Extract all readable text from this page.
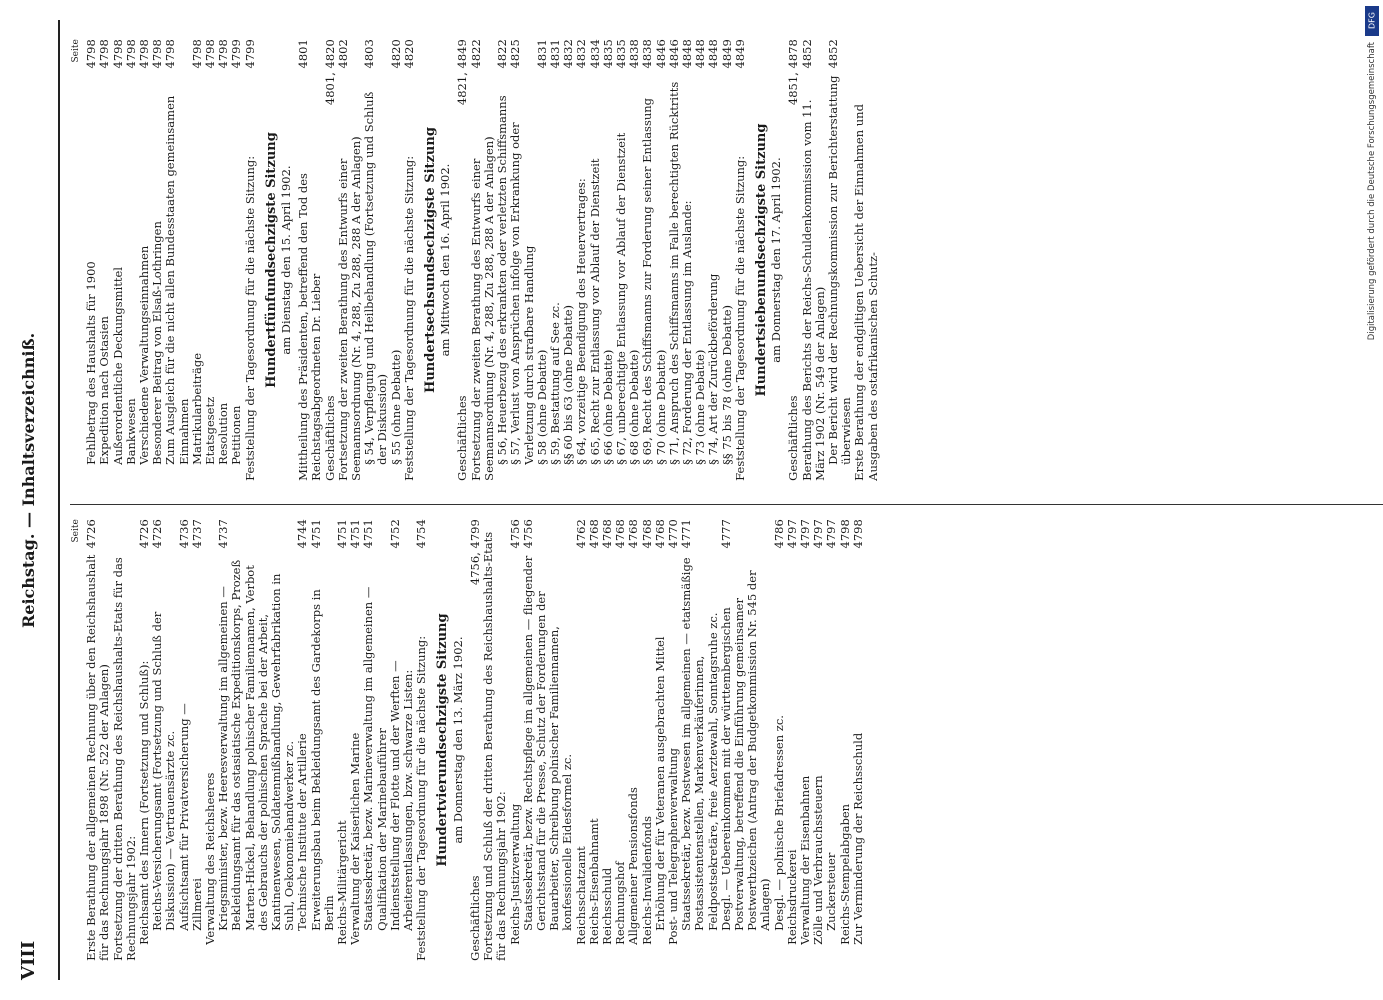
VIII
Reichstag. — Inhaltsverzeichniß.	Seite
Erste Berathung der allgemeinen Rechnung über den Reichshaushalt für das Rechnungsjahr 1898 (Nr. 522 der Anlagen)
4726
Fortsetzung der dritten Berathung des Reichshaushalts-Etats für das Rechnungsjahr 1902: Reichsamt des Innern (Fortsetzung und Schluß):
4726
Reichs-Versicherungsamt (Fortsetzung und Schluß der Diskussion) — Vertrauensärzte zc.
4726
Aufsichtsamt für Privatversicherung —
4736
Zillmerei
4737
Verwaltung des Reichsheeres Kriegsminister, bezw. Heeresverwaltung im allgemeinen — Bekleidungsamt für das ostasiatische Expeditionskorps, Prozeß Marten-Hickel, Behandlung polnischer Familiennamen, Verbot des Gebrauchs der polnischen Sprache bei der Arbeit, Kantinenwesen, Soldatenmißhandlung, Gewehrfabrikation in Suhl, Oekonomiehandwerker zc.
4737
Technische Institute der Artillerie
4744
Erweiterungsbau beim Bekleidungsamt des Gardekorps in Berlin
4751
Reichs-Militärgericht
4751
Verwaltung der Kaiserlichen Marine
4751
Staatssekretär, bezw. Marineverwaltung im allgemeinen — Qualifikation der Marinebauführer
4751
Indienststellung der Flotte und der Werften — Arbeiterentlassungen, bzw. schwarze Listen:
4752
Feststellung der Tagesordnung für die nächste Sitzung:
4754
Hundertvierundsechzigste Sitzung am Donnerstag den 13. März 1902.
Geschäftliches
4756, 4799 Fortsetzung und Schluß der dritten Berathung des Reichshaushalts-Etats für das Rechnungsjahr 1902: Reichs-Justizverwaltung
4756
Staatssekretär, bezw. Rechtspflege im allgemeinen — fliegender Gerichtsstand für die Presse, Schutz der Forderungen der Bauarbeiter, Schreibung polnischer Familiennamen, konfessionelle Eidesformel zc.
4756
Reichsschatzamt
4762
Reichs-Eisenbahnamt
4768
Reichsschuld
4768
Rechnungshof
4768
Allgemeiner Pensionsfonds
4768
Reichs-Invalidenfonds
4768
Erhöhung der für Veteranen ausgebrachten Mittel
4768
Post- und Telegraphenverwaltung
4770
Staatssekretär, bezw. Postwesen im allgemeinen — etatsmäßige Postassistentenstellen, Markenverkäuferinnen, Feldpostsekretäre, freie Aerztewahl, Sonntagsruhe zc.
4771
Desgl. — Uebereinkommen mit der württembergischen Postverwaltung, betreffend die Einführung gemeinsamer Postwerthzeichen (Antrag der Budgetkommission Nr. 545 der Anlagen)
4777
Desgl. — polnische Briefadressen zc.
4786
Reichsdruckerei
4797
Verwaltung der Eisenbahnen
4797
Zölle und Verbrauchssteuern
4797
Zuckersteuer
4797
Reichs-Stempelabgaben
4798
Zur Verminderung der Reichsschuld
4798
Seite
Fehlbetrag des Haushalts für 1900
4798
Expedition nach Ostasien
4798
Außerordentliche Deckungsmittel
4798
Bankwesen
4798
Verschiedene Verwaltungseinnahmen
4798
Besonderer Beitrag von Elsaß-Lothringen
4798
Zum Ausgleich für die nicht allen Bundesstaaten gemeinsamen Einnahmen
4798
Matrikularbeiträge
4798
Etatsgesetz
4798
Resolution
4798
Petitionen
4799
Feststellung der Tagesordnung für die nächste Sitzung:
4799
Hundertfünfundsechzigste Sitzung am Dienstag den 15. April 1902. Mittheilung des Präsidenten, betreffend den Tod des Reichstagsabgeordneten Dr. Lieber
4801
Geschäftliches
4801, 4820
Fortsetzung der zweiten Berathung des Entwurfs einer Seemannsordnung (Nr. 4, 288, Zu 288, 288 A der Anlagen)
4802
§ 54, Verpflegung und Heilbehandlung (Fortsetzung und Schluß der Diskussion)
4803
§ 55 (ohne Debatte)
4820
Feststellung der Tagesordnung für die nächste Sitzung:
4820
Hundertsechsundsechzigste Sitzung am Mittwoch den 16. April 1902.
Geschäftliches
4821, 4849
Fortsetzung der zweiten Berathung des Entwurfs einer Seemannsordnung (Nr. 4, 288, Zu 288, 288 A der Anlagen)
4822
§ 56, Heuerbezug des erkrankten oder verletzten Schiffsmanns
4822
§ 57, Verlust von Ansprüchen infolge von Erkrankung oder Verletzung durch strafbare Handlung
4825
§ 58 (ohne Debatte)
4831
§ 59, Bestattung auf See zc.
4831
§§ 60 bis 63 (ohne Debatte)
4832
§ 64, vorzeitige Beendigung des Heuervertrages:
4832
§ 65, Recht zur Entlassung vor Ablauf der Dienstzeit
4834
§ 66 (ohne Debatte)
4835
§ 67, unberechtigte Entlassung vor Ablauf der Dienstzeit
4835
§ 68 (ohne Debatte)
4838
§ 69, Recht des Schiffsmanns zur Forderung seiner Entlassung
4838
§ 70 (ohne Debatte)
4846
§ 71, Anspruch des Schiffsmanns im Falle berechtigten Rücktritts
4846
§ 72, Forderung der Entlassung im Auslande:
4848
§ 73 (ohne Debatte)
4848
§ 74, Art der Zurückbeförderung
4848
§§ 75 bis 78 (ohne Debatte)
4849
Feststellung der Tagesordnung für die nächste Sitzung:
4849
Hundertsiebenundsechzigste Sitzung am Donnerstag den 17. April 1902.
Geschäftliches
4851, 4878
Berathung des Berichts der Reichs-Schuldenkommission vom 11. März 1902 (Nr. 549 der Anlagen)
4852
Der Bericht wird der Rechnungskommission zur Berichterstattung überwiesen
4852
Erste Berathung der endgiltigen Uebersicht der Einnahmen und Ausgaben des ostafrikanischen Schutz-
DFG
Digitalisierung gefördert durch die Deutsche Forschungsgemeinschaft
